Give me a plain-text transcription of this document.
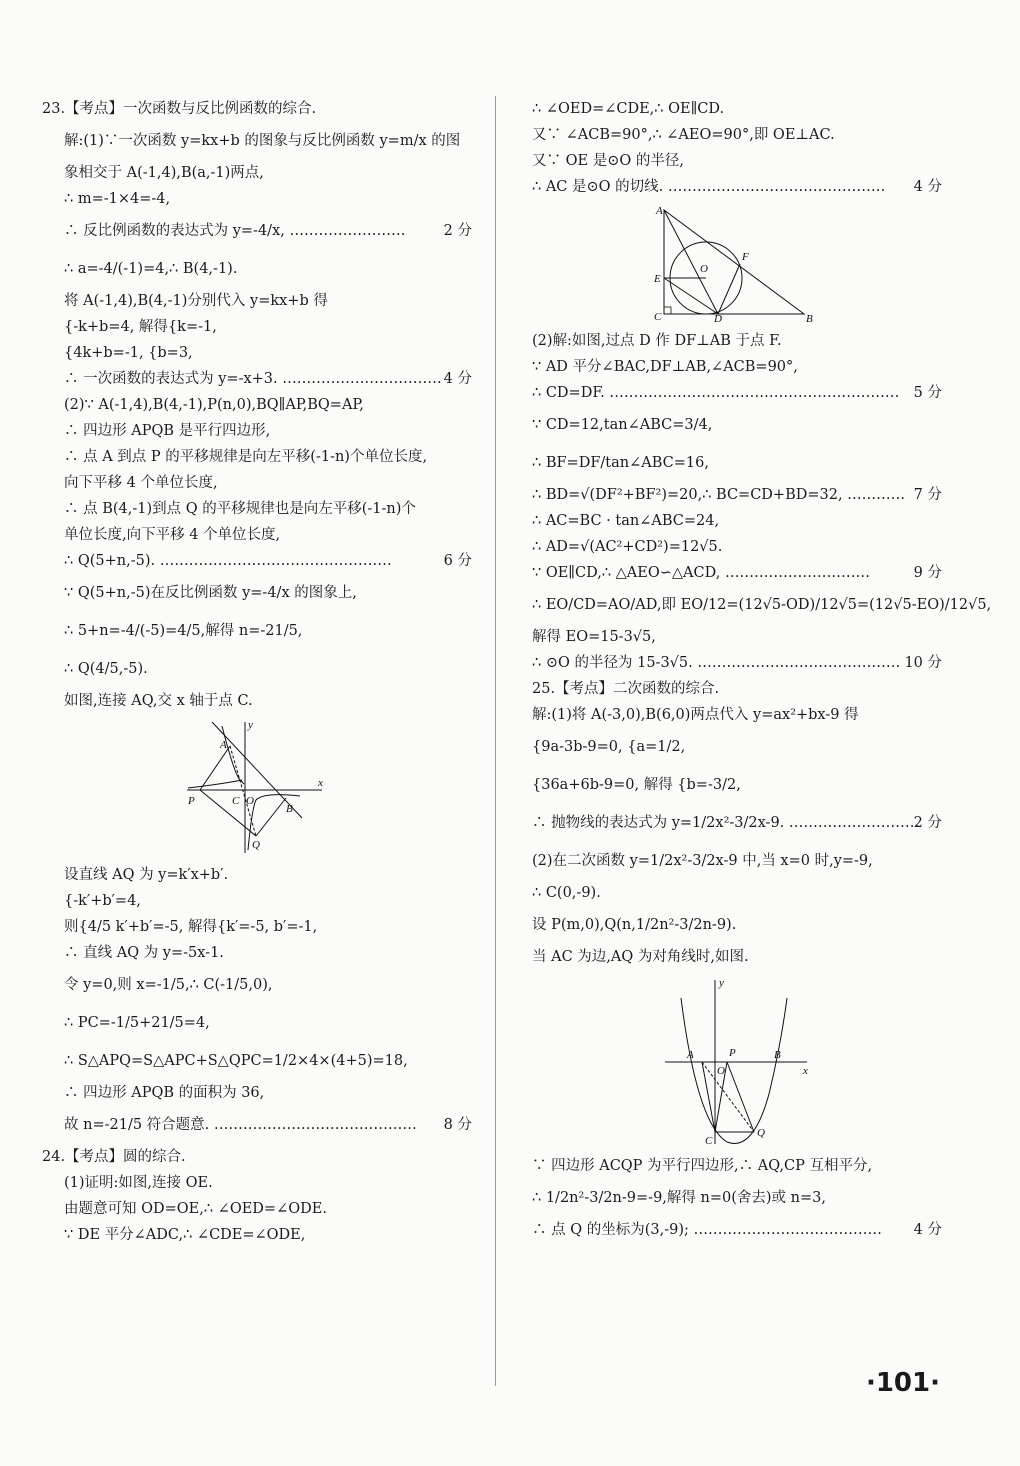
23.【考点】一次函数与反比例函数的综合.
解:(1)∵一次函数 y=kx+b 的图象与反比例函数 y=m/x 的图
象相交于 A(-1,4),B(a,-1)两点,
∴ m=-1×4=-4,
∴ 反比例函数的表达式为 y=-4/x, ……………………	2 分
∴ a=-4/(-1)=4,∴ B(4,-1).
将 A(-1,4),B(4,-1)分别代入 y=kx+b 得
{-k+b=4, 解得{k=-1,
{4k+b=-1, {b=3,
∴ 一次函数的表达式为 y=-x+3. …………………………… 4 分
(2)∵ A(-1,4),B(4,-1),P(n,0),BQ∥AP,BQ=AP,
∴ 四边形 APQB 是平行四边形,
∴ 点 A 到点 P 的平移规律是向左平移(-1-n)个单位长度,
向下平移 4 个单位长度,
∴ 点 B(4,-1)到点 Q 的平移规律也是向左平移(-1-n)个
单位长度,向下平移 4 个单位长度,
∴ Q(5+n,-5). …………………………………………	6 分
∵ Q(5+n,-5)在反比例函数 y=-4/x 的图象上,
∴ 5+n=-4/(-5)=4/5,解得 n=-21/5,
∴ Q(4/5,-5).
如图,连接 AQ,交 x 轴于点 C.
y
x
A
P	C O
B
Q
设直线 AQ 为 y=k′x+b′.
{-k′+b′=4,
则{4/5 k′+b′=-5, 解得{k′=-5, b′=-1,
∴ 直线 AQ 为 y=-5x-1.
令 y=0,则 x=-1/5,∴ C(-1/5,0),
∴ PC=-1/5+21/5=4,
∴ S△APQ=S△APC+S△QPC=1/2×4×(4+5)=18,
∴ 四边形 APQB 的面积为 36,
故 n=-21/5 符合题意. …………………………………… 8 分
24.【考点】圆的综合.
(1)证明:如图,连接 OE.
由题意可知 OD=OE,∴ ∠OED=∠ODE.
∵ DE 平分∠ADC,∴ ∠CDE=∠ODE,
∴ ∠OED=∠CDE,∴ OE∥CD.
又∵ ∠ACB=90°,∴ ∠AEO=90°,即 OE⊥AC.
又∵ OE 是⊙O 的半径,
∴ AC 是⊙O 的切线. ……………………………………… 4 分
A
O
F
E
C	D	B
(2)解:如图,过点 D 作 DF⊥AB 于点 F.
∵ AD 平分∠BAC,DF⊥AB,∠ACB=90°,
∴ CD=DF. …………………………………………………… 5 分
∵ CD=12,tan∠ABC=3/4,
∴ BF=DF/tan∠ABC=16,
∴ BD=√(DF²+BF²)=20,∴ BC=CD+BD=32, ………… 7 分
∴ AC=BC · tan∠ABC=24,
∴ AD=√(AC²+CD²)=12√5.
∵ OE∥CD,∴ △AEO∽△ACD, …………………………	9 分
∴ EO/CD=AO/AD,即 EO/12=(12√5-OD)/12√5=(12√5-EO)/12√5,
解得 EO=15-3√5,
∴ ⊙O 的半径为 15-3√5. …………………………………… 10 分
25.【考点】二次函数的综合.
解:(1)将 A(-3,0),B(6,0)两点代入 y=ax²+bx-9 得
{9a-3b-9=0, {a=1/2,
{36a+6b-9=0, 解得 {b=-3/2,
∴ 抛物线的表达式为 y=1/2x²-3/2x-9. ………………………
2 分
(2)在二次函数 y=1/2x²-3/2x-9 中,当 x=0 时,y=-9,
∴ C(0,-9).
设 P(m,0),Q(n,1/2n²-3/2n-9).
当 AC 为边,AQ 为对角线时,如图.
y
A	P	B
O	x
C
Q
∵ 四边形 ACQP 为平行四边形,∴ AQ,CP 互相平分,
∴ 1/2n²-3/2n-9=-9,解得 n=0(舍去)或 n=3,
∴ 点 Q 的坐标为(3,-9); ………………………………… 4 分
·101·
